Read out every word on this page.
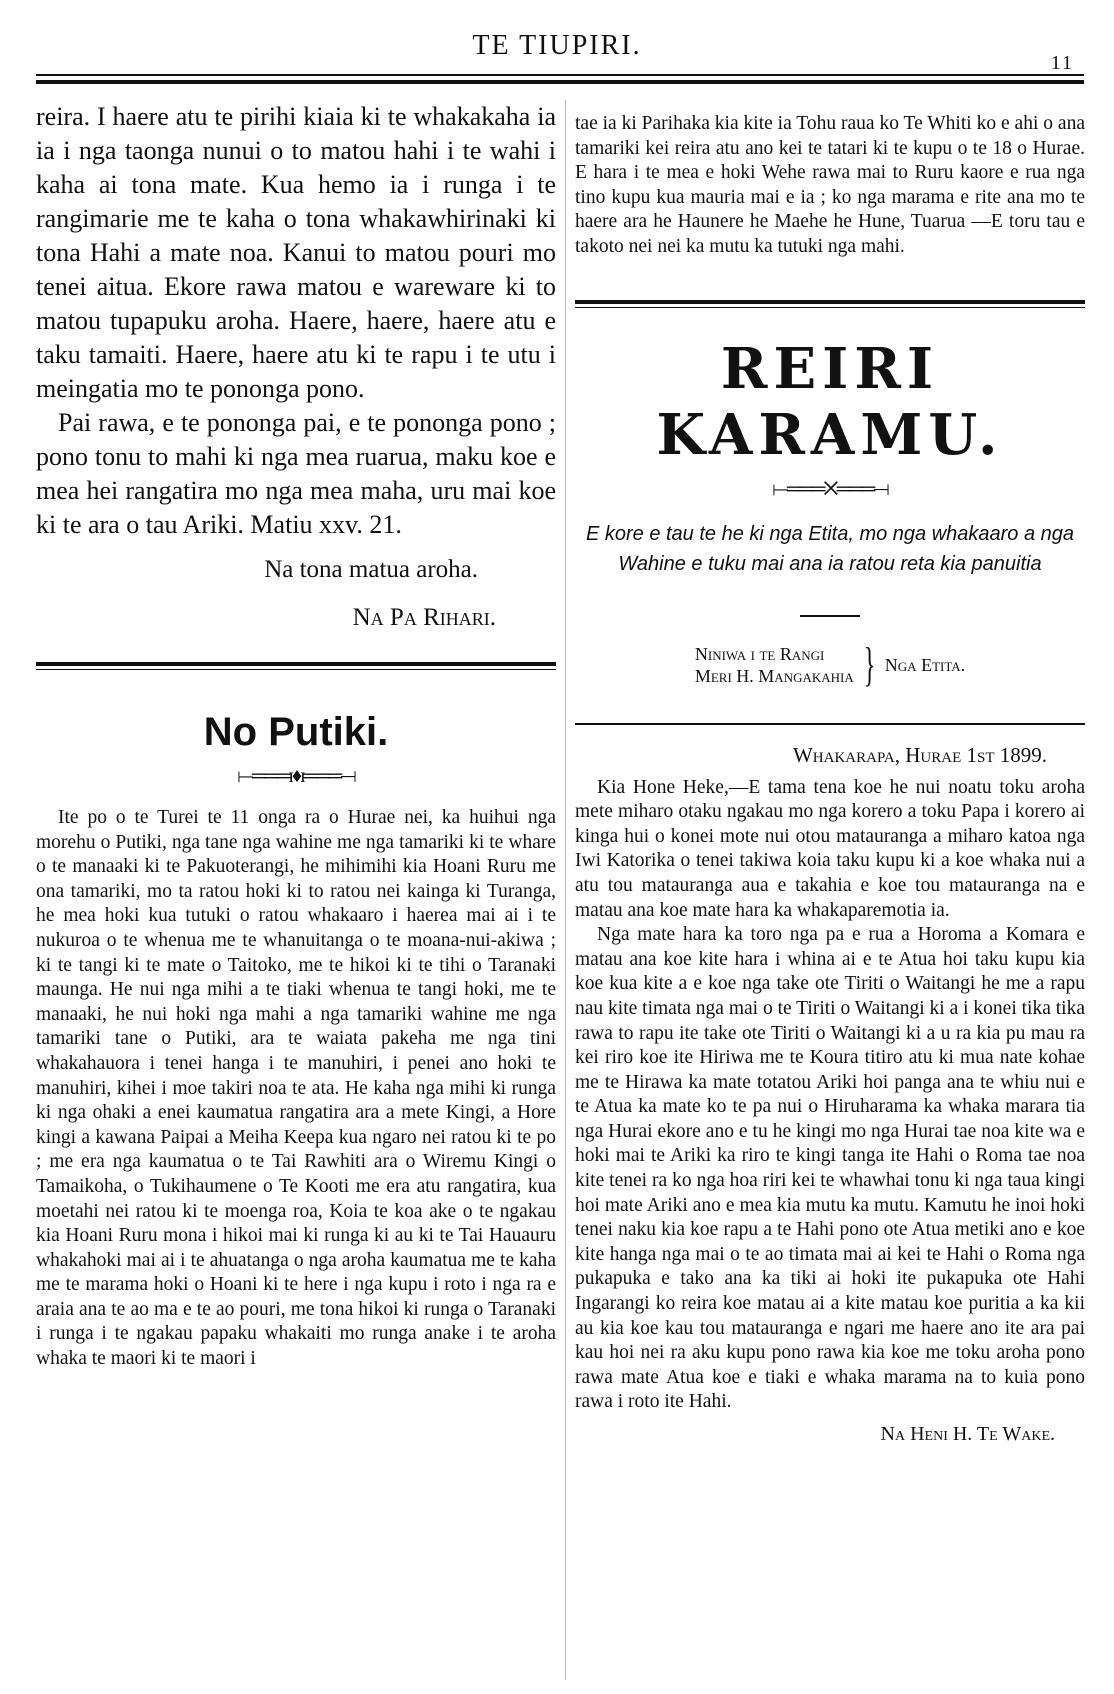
TE TIUPIRI.
11

reira. I haere atu te pirihi kiaia ki te whakakaha ia ia i nga taonga nunui o to matou hahi i te wahi i kaha ai tona mate. Kua hemo ia i runga i te rangimarie me te kaha o tona whakawhirinaki ki tona Hahi a mate noa. Kanui to matou pouri mo tenei aitua. Ekore rawa matou e wareware ki to matou tupapuku aroha. Haere, haere, haere atu e taku tamaiti. Haere, haere atu ki te rapu i te utu i meingatia mo te pononga pono.

Pai rawa, e te pononga pai, e te pononga pono ; pono tonu to mahi ki nga mea ruarua, maku koe e mea hei rangatira mo nga mea maha, uru mai koe ki te ara o tau Ariki. Matiu xxv. 21.

Na tona matua aroha.

Na Pa Rihari.

No Putiki.
⟝═══ɪ♦ɪ═══⟞

Ite po o te Turei te 11 onga ra o Hurae nei, ka huihui nga morehu o Putiki, nga tane nga wahine me nga tamariki ki te whare o te manaaki ki te Pakuoterangi, he mihimihi kia Hoani Ruru me ona tamariki, mo ta ratou hoki ki to ratou nei kainga ki Turanga, he mea hoki kua tutuki o ratou whakaaro i haerea mai ai i te nukuroa o te whenua me te whanuitanga o te moana-nui-akiwa ; ki te tangi ki te mate o Taitoko, me te hikoi ki te tihi o Taranaki maunga. He nui nga mihi a te tiaki whenua te tangi hoki, me te manaaki, he nui hoki nga mahi a nga tamariki wahine me nga tamariki tane o Putiki, ara te waiata pakeha me nga tini whakahauora i tenei hanga i te manuhiri, i penei ano hoki te manuhiri, kihei i moe takiri noa te ata. He kaha nga mihi ki runga ki nga ohaki a enei kaumatua rangatira ara a mete Kingi, a Hore kingi a kawana Paipai a Meiha Keepa kua ngaro nei ratou ki te po ; me era nga kaumatua o te Tai Rawhiti ara o Wiremu Kingi o Tamaikoha, o Tukihaumene o Te Kooti me era atu rangatira, kua moetahi nei ratou ki te moenga roa, Koia te koa ake o te ngakau kia Hoani Ruru mona i hikoi mai ki runga ki au ki te Tai Hauauru whakahoki mai ai i te ahuatanga o nga aroha kaumatua me te kaha me te marama hoki o Hoani ki te here i nga kupu i roto i nga ra e araia ana te ao ma e te ao pouri, me tona hikoi ki runga o Taranaki i runga i te ngakau papaku whakaiti mo runga anake i te aroha whaka te maori ki te maori i

tae ia ki Parihaka kia kite ia Tohu raua ko Te Whiti ko e ahi o ana tamariki kei reira atu ano kei te tatari ki te kupu o te 18 o Hurae. E hara i te mea e hoki Wehe rawa mai to Ruru kaore e rua nga tino kupu kua mauria mai e ia ; ko nga marama e rite ana mo te haere ara he Haunere he Maehe he Hune, Tuarua —E toru tau e takoto nei nei ka mutu ka tutuki nga mahi.

REIRI KARAMU.
⟝═══✕═══⟞
E kore e tau te he ki nga Etita, mo nga whakaaro a nga Wahine e tuku mai ana ia ratou reta kia panuitia
Niniwa i te Rangi
Meri H. Mangakahia } Nga Etita.
Whakarapa, Hurae 1st 1899.

Kia Hone Heke,—E tama tena koe he nui noatu toku aroha mete miharo otaku ngakau mo nga korero a toku Papa i korero ai kinga hui o konei mote nui otou matauranga a miharo katoa nga Iwi Katorika o tenei takiwa koia taku kupu ki a koe whaka nui a atu tou matauranga aua e takahia e koe tou matauranga na e matau ana koe mate hara ka whakaparemotia ia.

Nga mate hara ka toro nga pa e rua a Horoma a Komara e matau ana koe kite hara i whina ai e te Atua hoi taku kupu kia koe kua kite a e koe nga take ote Tiriti o Waitangi he me a rapu nau kite timata nga mai o te Tiriti o Waitangi ki a i konei tika tika rawa to rapu ite take ote Tiriti o Waitangi ki a u ra kia pu mau ra kei riro koe ite Hiriwa me te Koura titiro atu ki mua nate kohae me te Hirawa ka mate totatou Ariki hoi panga ana te whiu nui e te Atua ka mate ko te pa nui o Hiruharama ka whaka marara tia nga Hurai ekore ano e tu he kingi mo nga Hurai tae noa kite wa e hoki mai te Ariki ka riro te kingi tanga ite Hahi o Roma tae noa kite tenei ra ko nga hoa riri kei te whawhai tonu ki nga taua kingi hoi mate Ariki ano e mea kia mutu ka mutu. Kamutu he inoi hoki tenei naku kia koe rapu a te Hahi pono ote Atua metiki ano e koe kite hanga nga mai o te ao timata mai ai kei te Hahi o Roma nga pukapuka e tako ana ka tiki ai hoki ite pukapuka ote Hahi Ingarangi ko reira koe matau ai a kite matau koe puritia a ka kii au kia koe kau tou matauranga e ngari me haere ano ite ara pai kau hoi nei ra aku kupu pono rawa kia koe me toku aroha pono rawa mate Atua koe e tiaki e whaka marama na to kuia pono rawa i roto ite Hahi.

Na Heni H. Te Wake.
